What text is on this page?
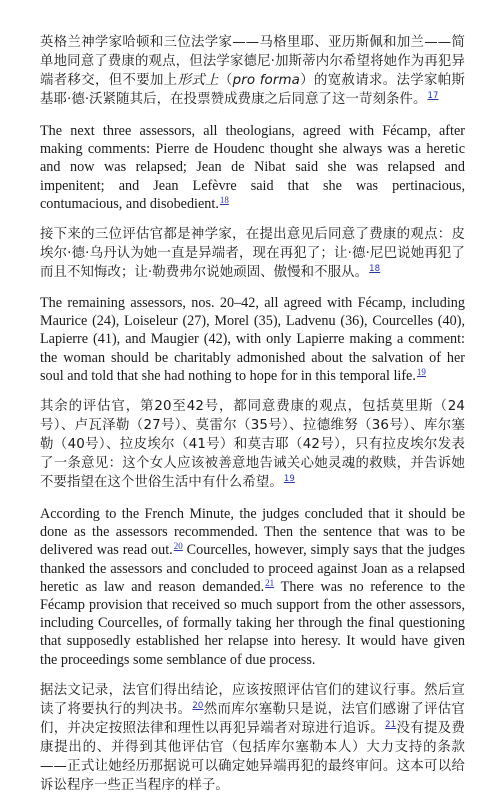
英格兰神学家哈顿和三位法学家——马格里耶、亚历斯佩和加兰——简单地同意了费康的观点，但法学家德尼·加斯蒂内尔希望将她作为再犯异端者移交，但不要加上形式上（pro forma）的宽赦请求。法学家帕斯基耶·德·沃紧随其后，在投票赞成费康之后同意了这一苛刻条件。$^{17}$

The next three assessors, all theologians, agreed with Fécamp, after making comments: Pierre de Houdenc thought she always was a heretic and now was relapsed; Jean de Nibat said she was relapsed and impenitent; and Jean Lefèvre said that she was pertinacious, contumacious, and disobedient.$^{18}$

接下来的三位评估官都是神学家，在提出意见后同意了费康的观点：皮埃尔·德·乌丹认为她一直是异端者，现在再犯了；让·德·尼巴说她再犯了而且不知悔改；让·勒费弗尔说她顽固、傲慢和不服从。$^{18}$

The remaining assessors, nos. 20–42, all agreed with Fécamp, including Maurice (24), Loiseleur (27), Morel (35), Ladvenu (36), Courcelles (40), Lapierre (41), and Maugier (42), with only Lapierre making a comment: the woman should be charitably admonished about the salvation of her soul and told that she had nothing to hope for in this temporal life.$^{19}$

其余的评估官，第20至42号，都同意费康的观点，包括莫里斯（24号）、卢瓦泽勒（27号）、莫雷尔（35号）、拉德维努（36号）、库尔塞勒（40号）、拉皮埃尔（41号）和莫吉耶（42号），只有拉皮埃尔发表了一条意见：这个女人应该被善意地告诫关心她灵魂的救赎，并告诉她不要指望在这个世俗生活中有什么希望。$^{19}$

According to the French Minute, the judges concluded that it should be done as the assessors recommended. Then the sentence that was to be delivered was read out.$^{20}$ Courcelles, however, simply says that the judges thanked the assessors and concluded to proceed against Joan as a relapsed heretic as law and reason demanded.$^{21}$ There was no reference to the Fécamp provision that received so much support from the other assessors, including Courcelles, of formally taking her through the final questioning that supposedly established her relapse into heresy. It would have given the proceedings some semblance of due process.

据法文记录，法官们得出结论，应该按照评估官们的建议行事。然后宣读了将要执行的判决书。$^{20}$然而库尔塞勒只是说，法官们感谢了评估官们，并决定按照法律和理性以再犯异端者对琼进行追诉。$^{21}$没有提及费康提出的、并得到其他评估官（包括库尔塞勒本人）大力支持的条款——正式让她经历那据说可以确定她异端再犯的最终审问。这本可以给诉讼程序一些正当程序的样子。
